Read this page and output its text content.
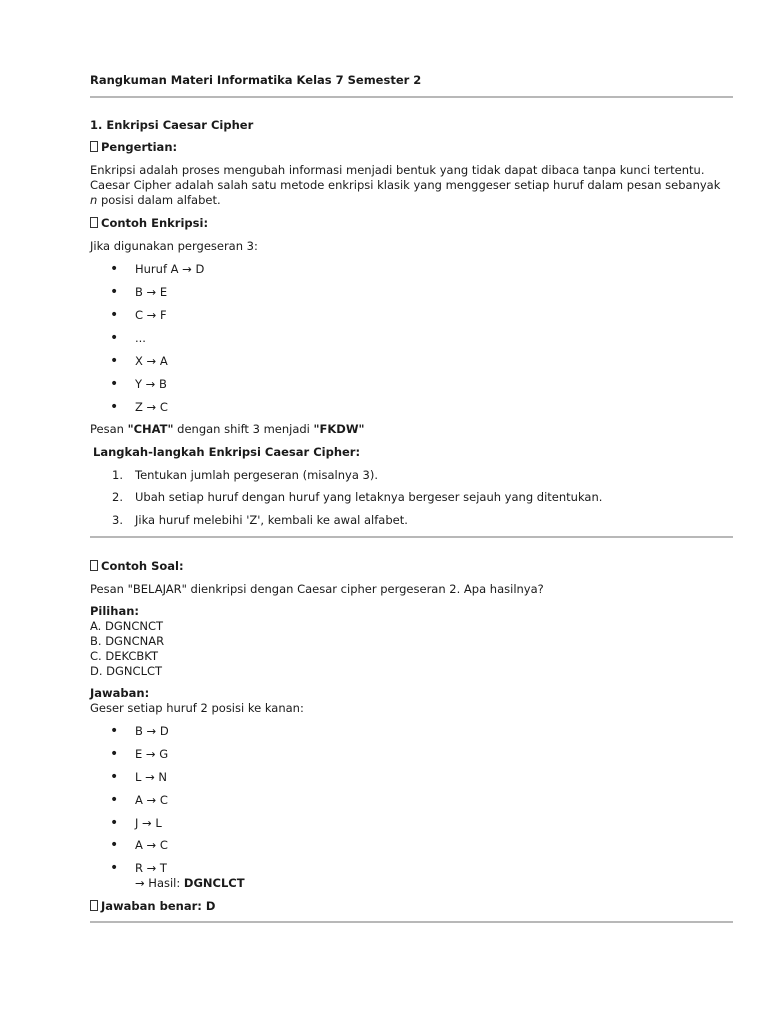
Rangkuman Materi Informatika Kelas 7 Semester 2
1. Enkripsi Caesar Cipher
Pengertian:
Enkripsi adalah proses mengubah informasi menjadi bentuk yang tidak dapat dibaca tanpa kunci tertentu. Caesar Cipher adalah salah satu metode enkripsi klasik yang menggeser setiap huruf dalam pesan sebanyak n posisi dalam alfabet.
Contoh Enkripsi:
Jika digunakan pergeseran 3:
• Huruf A → D
• B → E
• C → F
• ...
• X → A
• Y → B
• Z → C
Pesan "CHAT" dengan shift 3 menjadi "FKDW"
Langkah-langkah Enkripsi Caesar Cipher:
1. Tentukan jumlah pergeseran (misalnya 3).
2. Ubah setiap huruf dengan huruf yang letaknya bergeser sejauh yang ditentukan.
3. Jika huruf melebihi 'Z', kembali ke awal alfabet.
Contoh Soal:
Pesan "BELAJAR" dienkripsi dengan Caesar cipher pergeseran 2. Apa hasilnya?
Pilihan:
A. DGNCNCT
B. DGNCNAR
C. DEKCBKT
D. DGNCLCT
Jawaban:
Geser setiap huruf 2 posisi ke kanan:
• B → D
• E → G
• L → N
• A → C
• J → L
• A → C
• R → T
→ Hasil: DGNCLCT
Jawaban benar: D
